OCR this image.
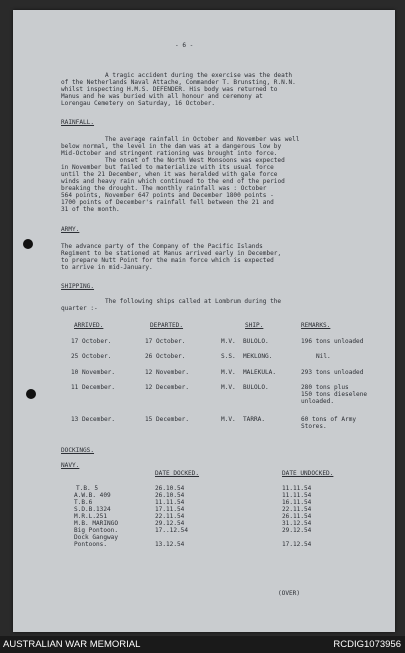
- 6 -
A tragic accident during the exercise was the death
of the Netherlands Naval Attache, Commander T. Brunsting, R.N.N.
whilst inspecting H.M.S. DEFENDER. His body was returned to
Manus and he was buried with all honour and ceremony at
Lorengau Cemetery on Saturday, 16 October.
RAINFALL.
The average rainfall in October and November was well
below normal, the level in the dam was at a dangerous low by
Mid-October and stringent rationing was brought into force.
The onset of the North West Monsoons was expected
in November but failed to materialize with its usual force
until the 21 December, when it was heralded with gale force
winds and heavy rain which continued to the end of the period
breaking the drought. The monthly rainfall was : October
564 points, November 647 points and December 1800 points -
1700 points of December's rainfall fell between the 21 and
31 of the month.
ARMY.
The advance party of the Company of the Pacific Islands
Regiment to be stationed at Manus arrived early in December,
to prepare Nutt Point for the main force which is expected
to arrive in mid-January.
SHIPPING.
The following ships called at Lombrum during the
quarter :-
ARRIVED.	DEPARTED.	SHIP.	REMARKS.
17 October.	17 October.	M.V. BULOLO.	196 tons unloaded
25 October.	26 October.	S.S. MEKLONG.	Nil.
10 November.	12 November.	M.V. MALEKULA.	293 tons unloaded
11 December.	12 December.	M.V. BULOLO.	280 tons plus
150 tons dieselene
unloaded.
13 December.	15 December.	M.V. TARRA.	60 tons of Army
Stores.
DOCKINGS.
NAVY.
DATE DOCKED.	DATE UNDOCKED.
T.B. 5	26.10.54	11.11.54
A.W.B. 409	26.10.54	11.11.54
T.B.6	11.11.54	16.11.54
S.D.B.1324	17.11.54	22.11.54
M.R.L.251	22.11.54	26.11.54
M.B. MARINGO	29.12.54	31.12.54
Big Pontoon.	17..12.54	29.12.54
Dock Gangway
Pontoons.	13.12.54	17.12.54
(OVER)
AUSTRALIAN WAR MEMORIAL	RCDIG1073956
